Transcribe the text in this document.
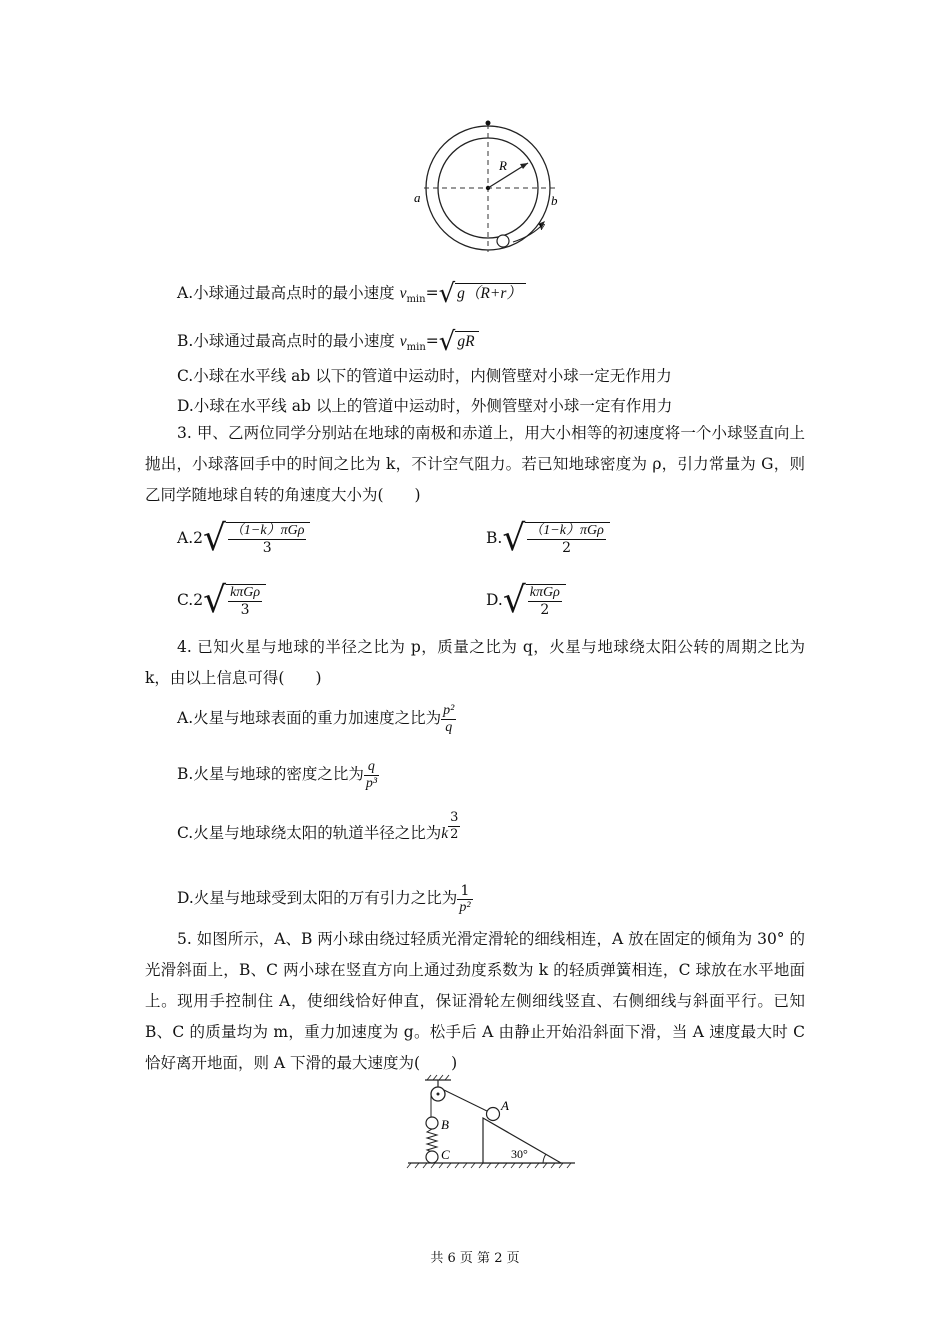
R
a	b
v
A.小球通过最高点时的最小速度 $v_{min}=√$ g（R+r）
B.小球通过最高点时的最小速度 $v_{min}=√$ gR
C.小球在水平线 ab 以下的管道中运动时，内侧管壁对小球一定无作用力
D.小球在水平线 ab 以上的管道中运动时，外侧管壁对小球一定有作用力
3. 甲、乙两位同学分别站在地球的南极和赤道上，用大小相等的初速度将一个小球竖直向上抛出，小球落回手中的时间之比为 k，不计空气阻力。若已知地球密度为 ρ，引力常量为 G，则乙同学随地球自转的角速度大小为(　　)
$A.2√ \frac{\text{（1−k）πGρ}}{3}$	$B.√ \frac{\text{（1−k）πGρ}}{2}$
$C.2√ \frac{\text{kπGρ}}{3}$	$D.√ \frac{\text{kπGρ}}{2}$
4. 已知火星与地球的半径之比为 p，质量之比为 q，火星与地球绕太阳公转的周期之比为 k，由以上信息可得(　　)
A.火星与地球表面的重力加速度之比为 $\frac{\text{p²}}{q}$
B.火星与地球的密度之比为 $\frac{q}{\text{p³}}$
C.火星与地球绕太阳的轨道半径之比为k $\frac{3}{2}$
D.火星与地球受到太阳的万有引力之比为 $\frac{1}{\text{p²}}$
5. 如图所示，A、B 两小球由绕过轻质光滑定滑轮的细线相连，A 放在固定的倾角为 30° 的光滑斜面上，B、C 两小球在竖直方向上通过劲度系数为 k 的轻质弹簧相连，C 球放在水平地面上。现用手控制住 A，使细线恰好伸直，保证滑轮左侧细线竖直、右侧细线与斜面平行。已知 B、C 的质量均为 m，重力加速度为 g。松手后 A 由静止开始沿斜面下滑，当 A 速度最大时 C 恰好离开地面，则 A 下滑的最大速度为(　　)
A
B
C	30°
共 6 页 第 2 页
